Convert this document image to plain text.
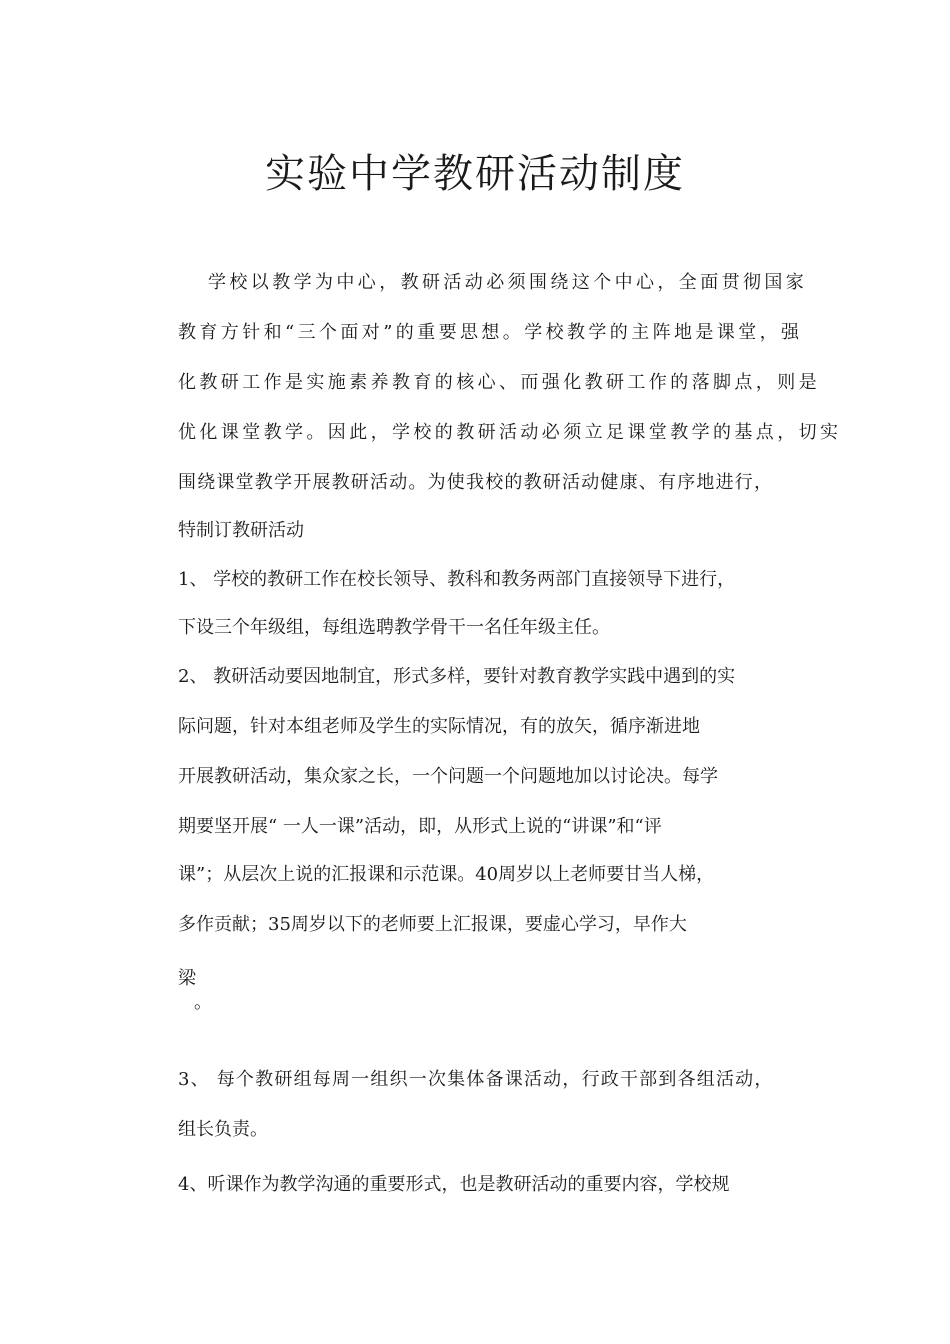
实验中学教研活动制度
学校以教学为中心，教研活动必须围绕这个中心，全面贯彻国家
教育方针和“三个面对”的重要思想。学校教学的主阵地是课堂，强
化教研工作是实施素养教育的核心、而强化教研工作的落脚点，则是
优化课堂教学。因此，学校的教研活动必须立足课堂教学的基点，切实
围绕课堂教学开展教研活动。为使我校的教研活动健康、有序地进行，
特制订教研活动
1、 学校的教研工作在校长领导、教科和教务两部门直接领导下进行，
下设三个年级组，每组选聘教学骨干一名任年级主任。
2、 教研活动要因地制宜，形式多样，要针对教育教学实践中遇到的实
际问题，针对本组老师及学生的实际情况，有的放矢，循序渐进地
开展教研活动，集众家之长，一个问题一个问题地加以讨论决。每学
期要坚开展“ 一人一课”活动，即，从形式上说的“讲课”和“评
课”；从层次上说的汇报课和示范课。40周岁以上老师要甘当人梯，
多作贡献；35周岁以下的老师要上汇报课，要虚心学习，早作大
梁
。
3、 每个教研组每周一组织一次集体备课活动，行政干部到各组活动，
组长负责。
4、听课作为教学沟通的重要形式，也是教研活动的重要内容，学校规
